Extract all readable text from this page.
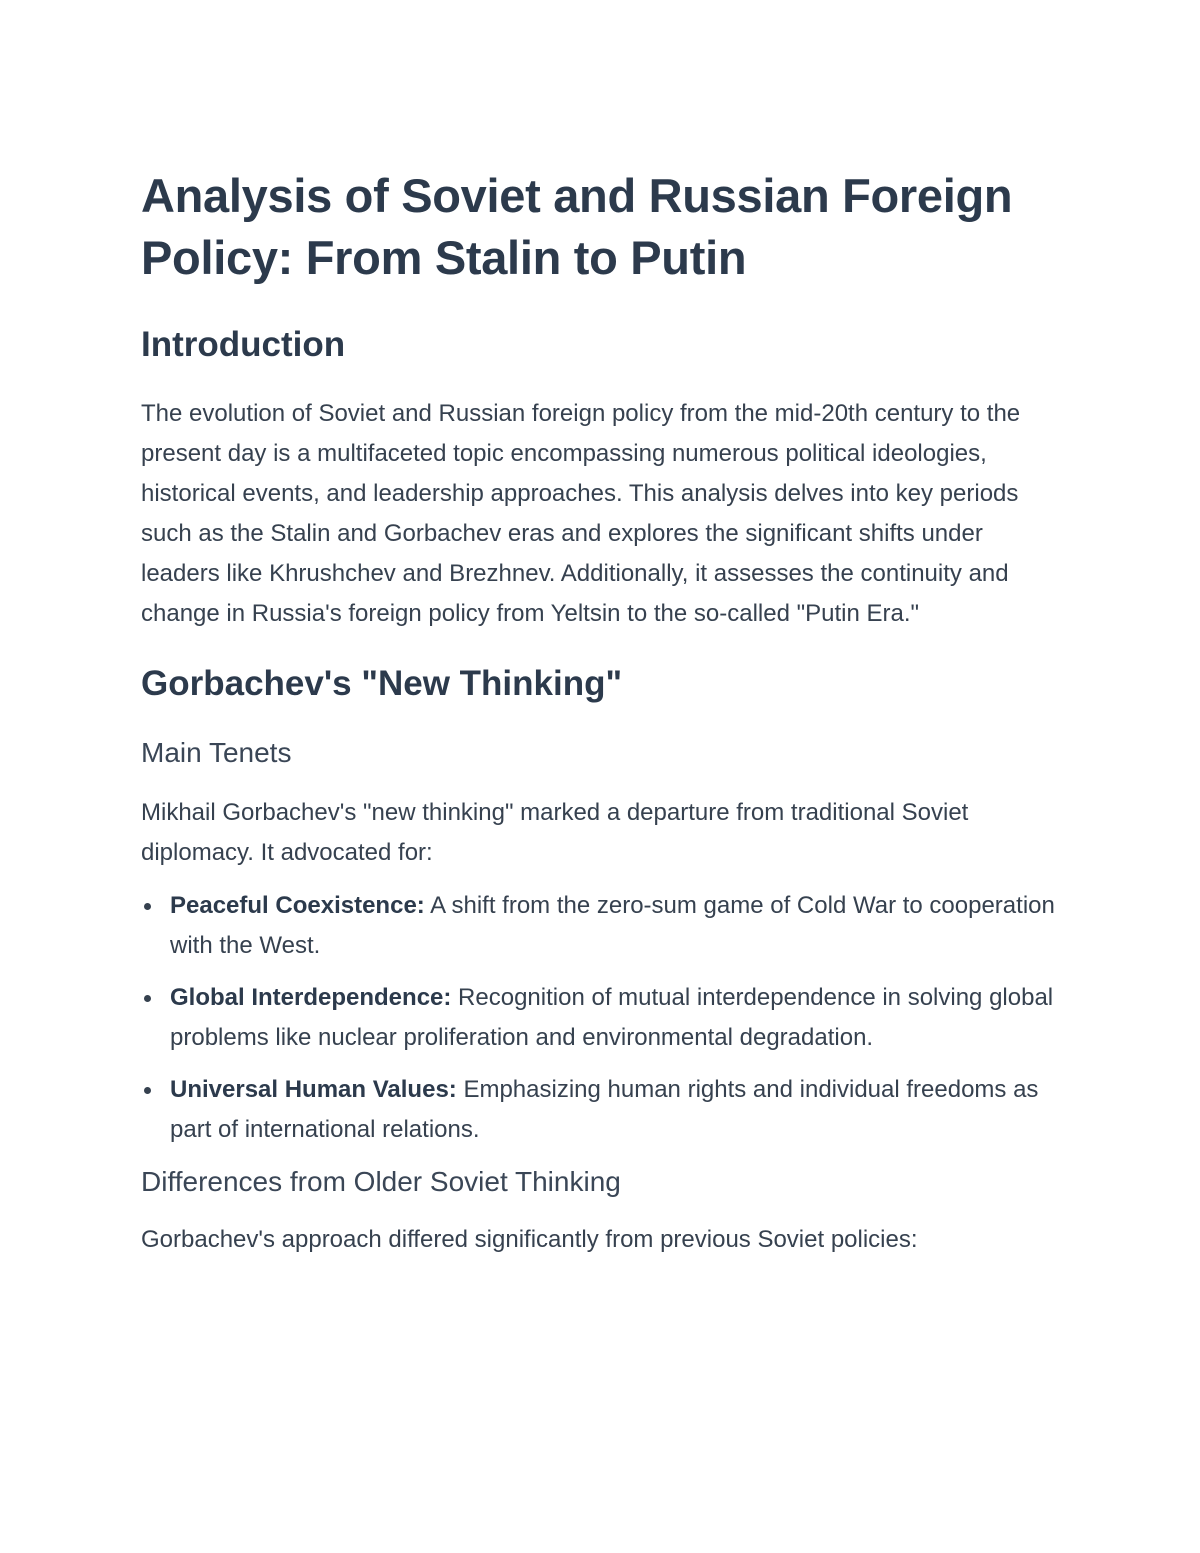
Analysis of Soviet and Russian Foreign Policy: From Stalin to Putin
Introduction

The evolution of Soviet and Russian foreign policy from the mid-20th century to the present day is a multifaceted topic encompassing numerous political ideologies, historical events, and leadership approaches. This analysis delves into key periods such as the Stalin and Gorbachev eras and explores the significant shifts under leaders like Khrushchev and Brezhnev. Additionally, it assesses the continuity and change in Russia's foreign policy from Yeltsin to the so-called "Putin Era."

Gorbachev's "New Thinking"
Main Tenets

Mikhail Gorbachev's "new thinking" marked a departure from traditional Soviet diplomacy. It advocated for:

Peaceful Coexistence: A shift from the zero-sum game of Cold War to cooperation with the West.
Global Interdependence: Recognition of mutual interdependence in solving global problems like nuclear proliferation and environmental degradation.
Universal Human Values: Emphasizing human rights and individual freedoms as part of international relations.
Differences from Older Soviet Thinking

Gorbachev's approach differed significantly from previous Soviet policies:
